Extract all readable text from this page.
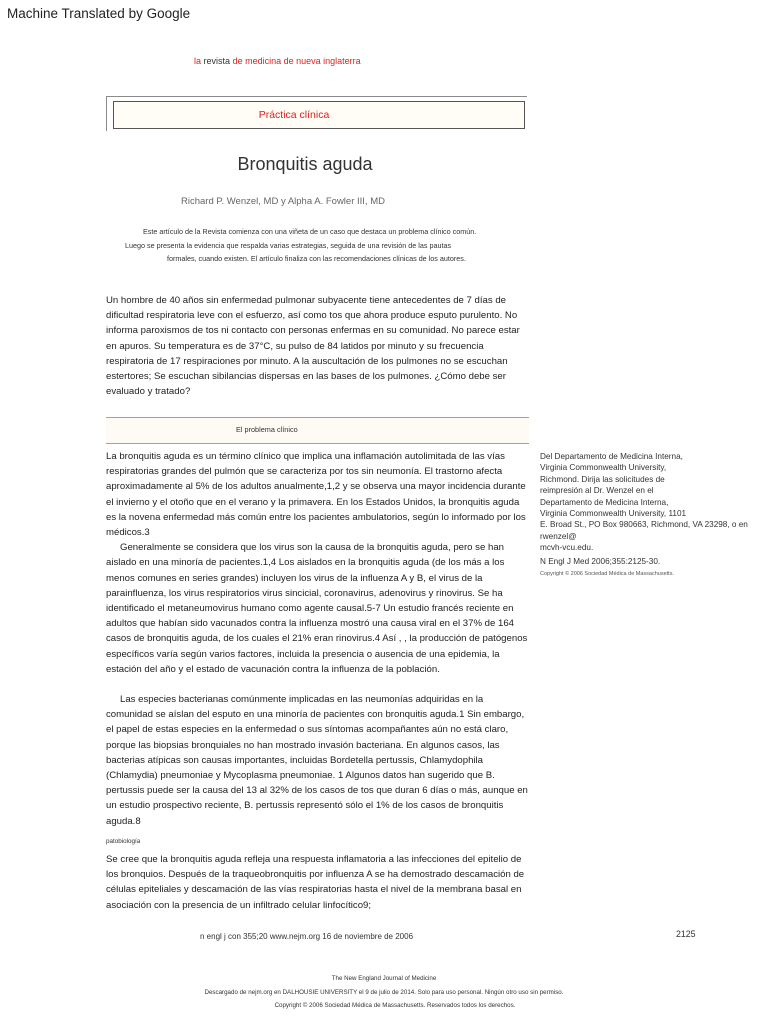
Machine Translated by Google
la revista de medicina de nueva inglaterra
Práctica clínica
Bronquitis aguda
Richard P. Wenzel, MD y Alpha A. Fowler III, MD
Este artículo de la Revista comienza con una viñeta de un caso que destaca un problema clínico común.
Luego se presenta la evidencia que respalda varias estrategias, seguida de una revisión de las pautas
formales, cuando existen. El artículo finaliza con las recomendaciones clínicas de los autores.

Un hombre de 40 años sin enfermedad pulmonar subyacente tiene antecedentes de 7 días de dificultad respiratoria leve con el esfuerzo, así como tos que ahora produce esputo purulento. No informa paroxismos de tos ni contacto con personas enfermas en su comunidad. No parece estar en apuros. Su temperatura es de 37°C, su pulso de 84 latidos por minuto y su frecuencia respiratoria de 17 respiraciones por minuto. A la auscultación de los pulmones no se escuchan estertores; Se escuchan sibilancias dispersas en las bases de los pulmones. ¿Cómo debe ser evaluado y tratado?

El problema clínico

La bronquitis aguda es un término clínico que implica una inflamación autolimitada de las vías respiratorias grandes del pulmón que se caracteriza por tos sin neumonía. El trastorno afecta aproximadamente al 5% de los adultos anualmente,1,2 y se observa una mayor incidencia durante el invierno y el otoño que en el verano y la primavera. En los Estados Unidos, la bronquitis aguda es la novena enfermedad más común entre los pacientes ambulatorios, según lo informado por los médicos.3

Generalmente se considera que los virus son la causa de la bronquitis aguda, pero se han aislado en una minoría de pacientes.1,4 Los aislados en la bronquitis aguda (de los más a los menos comunes en series grandes) incluyen los virus de la influenza A y B, el virus de la parainfluenza, los virus respiratorios virus sincicial, coronavirus, adenovirus y rinovirus. Se ha identificado el metaneumovirus humano como agente causal.5-7 Un estudio francés reciente en adultos que habían sido vacunados contra la influenza mostró una causa viral en el 37% de 164 casos de bronquitis aguda, de los cuales el 21% eran rinovirus.4 Así , , la producción de patógenos específicos varía según varios factores, incluida la presencia o ausencia de una epidemia, la estación del año y el estado de vacunación contra la influenza de la población.

Las especies bacterianas comúnmente implicadas en las neumonías adquiridas en la comunidad se aíslan del esputo en una minoría de pacientes con bronquitis aguda.1 Sin embargo, el papel de estas especies en la enfermedad o sus síntomas acompañantes aún no está claro, porque las biopsias bronquiales no han mostrado invasión bacteriana. En algunos casos, las bacterias atípicas son causas importantes, incluidas Bordetella pertussis, Chlamydophila (Chlamydia) pneumoniae y Mycoplasma pneumoniae. 1 Algunos datos han sugerido que B. pertussis puede ser la causa del 13 al 32% de los casos de tos que duran 6 días o más, aunque en un estudio prospectivo reciente, B. pertussis representó sólo el 1% de los casos de bronquitis aguda.8

patobiología

Se cree que la bronquitis aguda refleja una respuesta inflamatoria a las infecciones del epitelio de los bronquios. Después de la traqueobronquitis por influenza A se ha demostrado descamación de células epiteliales y descamación de las vías respiratorias hasta el nivel de la membrana basal en asociación con la presencia de un infiltrado celular linfocítico9;

Del Departamento de Medicina Interna,
Virginia Commonwealth University,
Richmond. Dirija las solicitudes de
reimpresión al Dr. Wenzel en el
Departamento de Medicina Interna,
Virginia Commonwealth University, 1101
E. Broad St., PO Box 980663, Richmond, VA 23298, o en rwenzel@
mcvh-vcu.edu.
N Engl J Med 2006;355:2125-30.
Copyright © 2006 Sociedad Médica de Massachusetts.
n engl j con 355;20 www.nejm.org 16 de noviembre de 2006	2125
The New England Journal of Medicine
Descargado de nejm.org en DALHOUSIE UNIVERSITY el 9 de julio de 2014. Solo para uso personal. Ningún otro uso sin permiso.
Copyright © 2006 Sociedad Médica de Massachusetts. Reservados todos los derechos.
